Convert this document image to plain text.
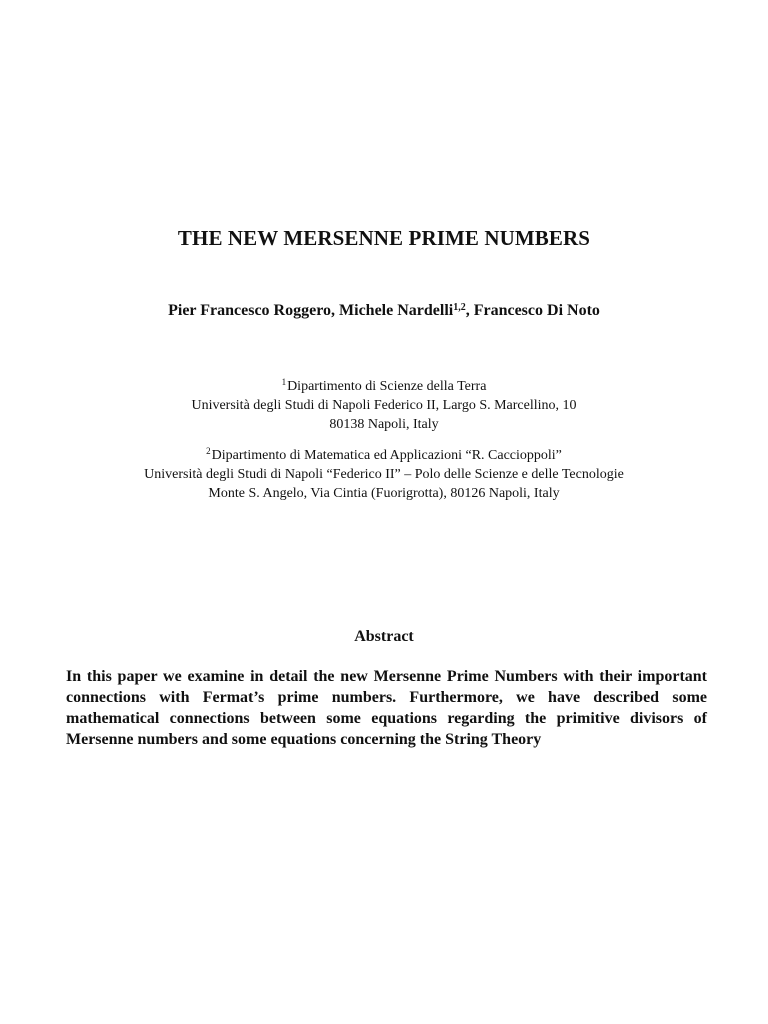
THE NEW MERSENNE PRIME NUMBERS

Pier Francesco Roggero, Michele Nardelli$^{1,2}$, Francesco Di Noto

$^1$Dipartimento di Scienze della Terra
Università degli Studi di Napoli Federico II, Largo S. Marcellino, 10
80138 Napoli, Italy
$^2$Dipartimento di Matematica ed Applicazioni “R. Caccioppoli”
Università degli Studi di Napoli “Federico II” – Polo delle Scienze e delle Tecnologie
Monte S. Angelo, Via Cintia (Fuorigrotta), 80126 Napoli, Italy
Abstract

In this paper we examine in detail the new Mersenne Prime Numbers with their important connections with Fermat’s prime numbers. Furthermore, we have described some mathematical connections between some equations regarding the primitive divisors of Mersenne numbers and some equations concerning the String Theory
